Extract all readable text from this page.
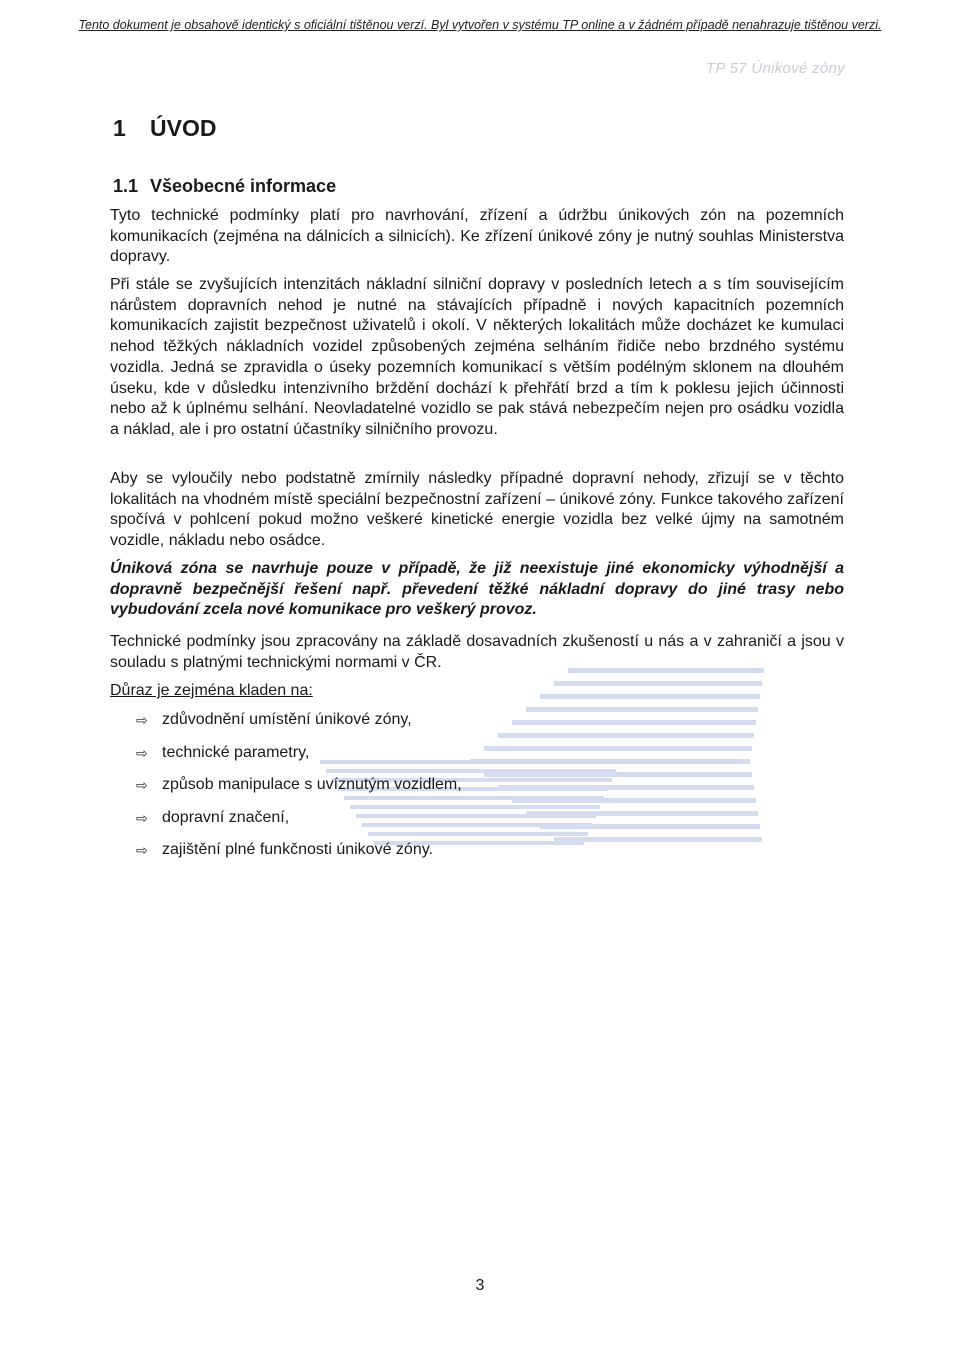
Tento dokument je obsahově identický s oficiální tištěnou verzí. Byl vytvořen v systému TP online a v žádném případě nenahrazuje tištěnou verzi.
TP 57 Únikové zóny
1 ÚVOD
1.1 Všeobecné informace

Tyto technické podmínky platí pro navrhování, zřízení a údržbu únikových zón na pozemních komunikacích (zejména na dálnicích a silnicích). Ke zřízení únikové zóny je nutný souhlas Ministerstva dopravy.

Při stále se zvyšujících intenzitách nákladní silniční dopravy v posledních letech a s tím souvisejícím nárůstem dopravních nehod je nutné na stávajících případně i nových kapacitních pozemních komunikacích zajistit bezpečnost uživatelů i okolí. V některých lokalitách může docházet ke kumulaci nehod těžkých nákladních vozidel způsobených zejména selháním řidiče nebo brzdného systému vozidla. Jedná se zpravidla o úseky pozemních komunikací s větším podélným sklonem na dlouhém úseku, kde v důsledku intenzivního brždění dochází k přehřátí brzd a tím k poklesu jejich účinnosti nebo až k úplnému selhání. Neovladatelné vozidlo se pak stává nebezpečím nejen pro osádku vozidla a náklad, ale i pro ostatní účastníky silničního provozu.

Aby se vyloučily nebo podstatně zmírnily následky případné dopravní nehody, zřizují se v těchto lokalitách na vhodném místě speciální bezpečnostní zařízení – únikové zóny. Funkce takového zařízení spočívá v pohlcení pokud možno veškeré kinetické energie vozidla bez velké újmy na samotném vozidle, nákladu nebo osádce.

Úniková zóna se navrhuje pouze v případě, že již neexistuje jiné ekonomicky výhodnější a dopravně bezpečnější řešení např. převedení těžké nákladní dopravy do jiné trasy nebo vybudování zcela nové komunikace pro veškerý provoz.

Technické podmínky jsou zpracovány na základě dosavadních zkušeností u nás a v zahraničí a jsou v souladu s platnými technickými normami v ČR.

Důraz je zejména kladen na:
⇨ zdůvodnění umístění únikové zóny,
⇨ technické parametry,
⇨ způsob manipulace s uvíznutým vozidlem,
⇨ dopravní značení,
⇨ zajištění plné funkčnosti únikové zóny.
3
